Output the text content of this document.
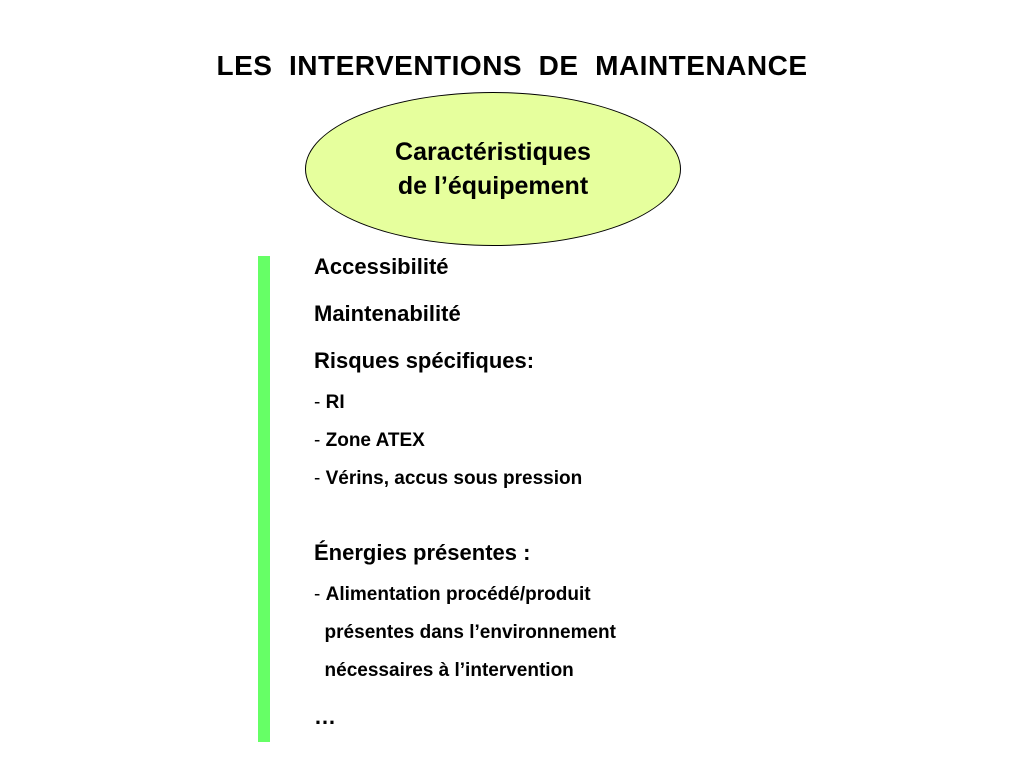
LES  INTERVENTIONS  DE  MAINTENANCE
Caractéristiques
de l’équipement
Accessibilité
Maintenabilité
Risques spécifiques:
- RI
- Zone ATEX
- Vérins, accus sous pression
Énergies présentes :
- Alimentation procédé/produit
présentes dans l’environnement
nécessaires à l’intervention
…
